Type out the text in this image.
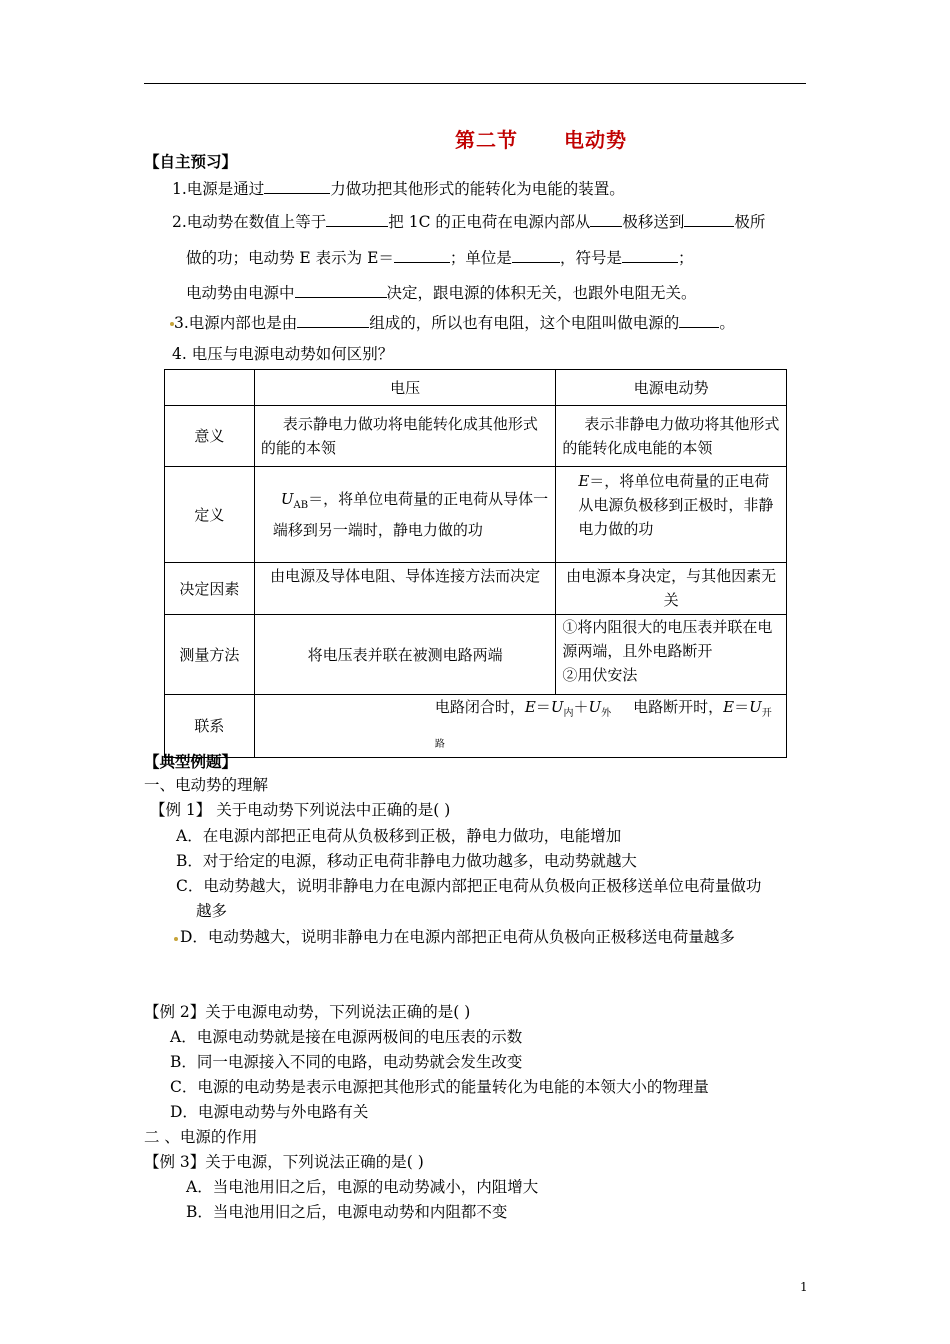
第二节 电动势
【自主预习】
1.电源是通过	力做功把其他形式的能转化为电能的装置。
2.电动势在数值上等于	把 1C 的正电荷在电源内部从 极移送到	极所
做的功；电动势 E 表示为 E＝	；单位是	，符号是	；
电动势由电源中	决定，跟电源的体积无关，也跟外电阻无关。
3.电源内部也是由	组成的，所以也有电阻，这个电阻叫做电源的	。
4. 电压与电源电动势如何区别？
	电压	电源电动势
意义	表示静电力做功将电能转化成其他形式的能的本领	表示非静电力做功将其他形式的能转化成电能的本领
定义	$U_{AB}=$，将单位电荷量的正电荷从导体一端移到另一端时，静电力做的功	E＝，将单位电荷量的正电荷从电源负极移到正极时，非静电力做的功
决定因素	由电源及导体电阻、导体连接方法而决定	由电源本身决定，与其他因素无关
测量方法	将电压表并联在被测电路两端	①将内阻很大的电压表并联在电源两端，且外电路断开
②用伏安法

联系	电路闭合时，$E=U_内+U_外$ 电路断开时，$E=U_{开路}$
【典型例题】
一、电动势的理解
【例 1】 关于电动势下列说法中正确的是( )
A．在电源内部把正电荷从负极移到正极，静电力做功，电能增加
B．对于给定的电源，移动正电荷非静电力做功越多，电动势就越大
C．电动势越大，说明非静电力在电源内部把正电荷从负极向正极移送单位电荷量做功
越多
D．电动势越大，说明非静电力在电源内部把正电荷从负极向正极移送电荷量越多
【例 2】关于电源电动势，下列说法正确的是( )
A．电源电动势就是接在电源两极间的电压表的示数
B．同一电源接入不同的电路，电动势就会发生改变
C．电源的电动势是表示电源把其他形式的能量转化为电能的本领大小的物理量
D．电源电动势与外电路有关
二 、电源的作用
【例 3】关于电源，下列说法正确的是( )
A．当电池用旧之后，电源的电动势减小，内阻增大
B．当电池用旧之后，电源电动势和内阻都不变
1
